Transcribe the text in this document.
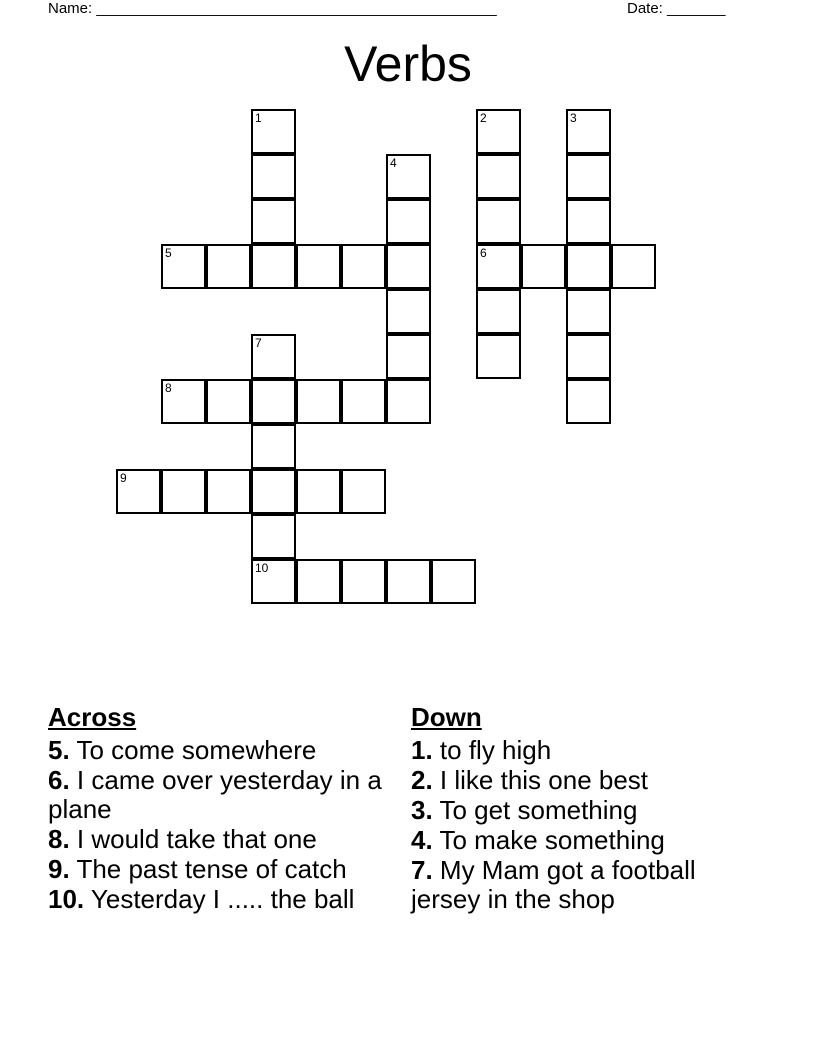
Name: ________________________________________________	Date: _______
Verbs
1	2
6
3
4
5
7
10
8
9
Across
5. To come somewhere
6. I came over yesterday in a plane
8. I would take that one
9. The past tense of catch
10. Yesterday I ..... the ball
Down
1. to fly high
2. I like this one best
3. To get something
4. To make something
7. My Mam got a football jersey in the shop
